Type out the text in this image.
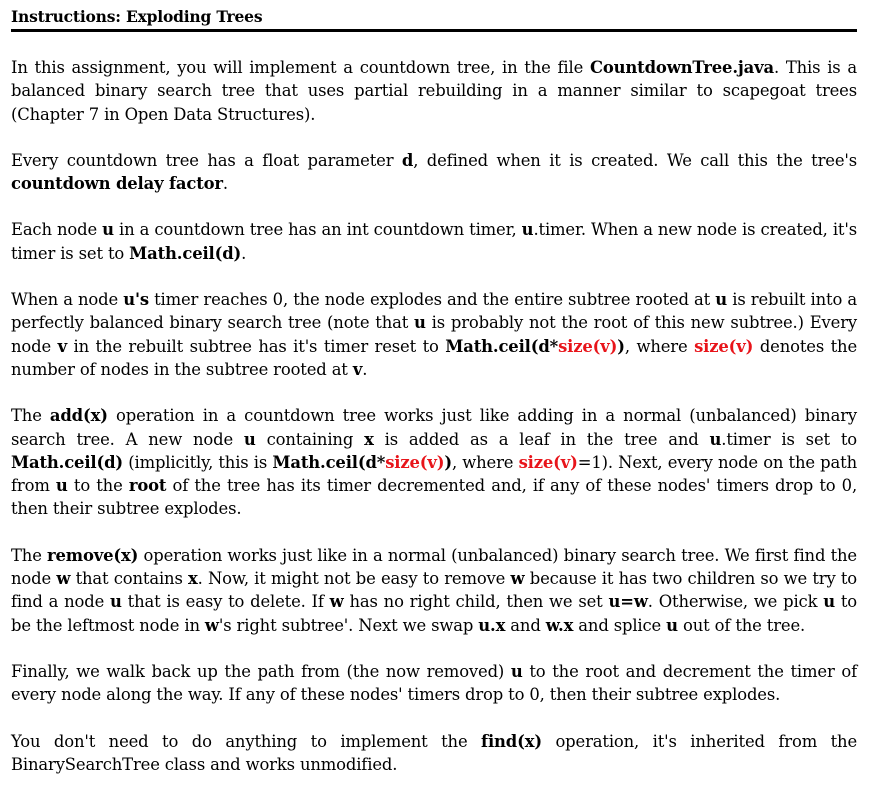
Instructions: Exploding Trees

In this assignment, you will implement a countdown tree, in the file CountdownTree.java. This is a balanced binary search tree that uses partial rebuilding in a manner similar to scapegoat trees (Chapter 7 in Open Data Structures).

Every countdown tree has a float parameter d, defined when it is created. We call this the tree's countdown delay factor.

Each node u in a countdown tree has an int countdown timer, u.timer. When a new node is created, it's timer is set to Math.ceil(d).

When a node u's timer reaches 0, the node explodes and the entire subtree rooted at u is rebuilt into a perfectly balanced binary search tree (note that u is probably not the root of this new subtree.) Every node v in the rebuilt subtree has it's timer reset to Math.ceil(d*size(v)), where size(v) denotes the number of nodes in the subtree rooted at v.

The add(x) operation in a countdown tree works just like adding in a normal (unbalanced) binary search tree. A new node u containing x is added as a leaf in the tree and u.timer is set to Math.ceil(d) (implicitly, this is Math.ceil(d*size(v)), where size(v)=1). Next, every node on the path from u to the root of the tree has its timer decremented and, if any of these nodes' timers drop to 0, then their subtree explodes.

The remove(x) operation works just like in a normal (unbalanced) binary search tree. We first find the node w that contains x. Now, it might not be easy to remove w because it has two children so we try to find a node u that is easy to delete. If w has no right child, then we set u=w. Otherwise, we pick u to be the leftmost node in w's right subtree'. Next we swap u.x and w.x and splice u out of the tree.

Finally, we walk back up the path from (the now removed) u to the root and decrement the timer of every node along the way. If any of these nodes' timers drop to 0, then their subtree explodes.

You don't need to do anything to implement the find(x) operation, it's inherited from the BinarySearchTree class and works unmodified.
